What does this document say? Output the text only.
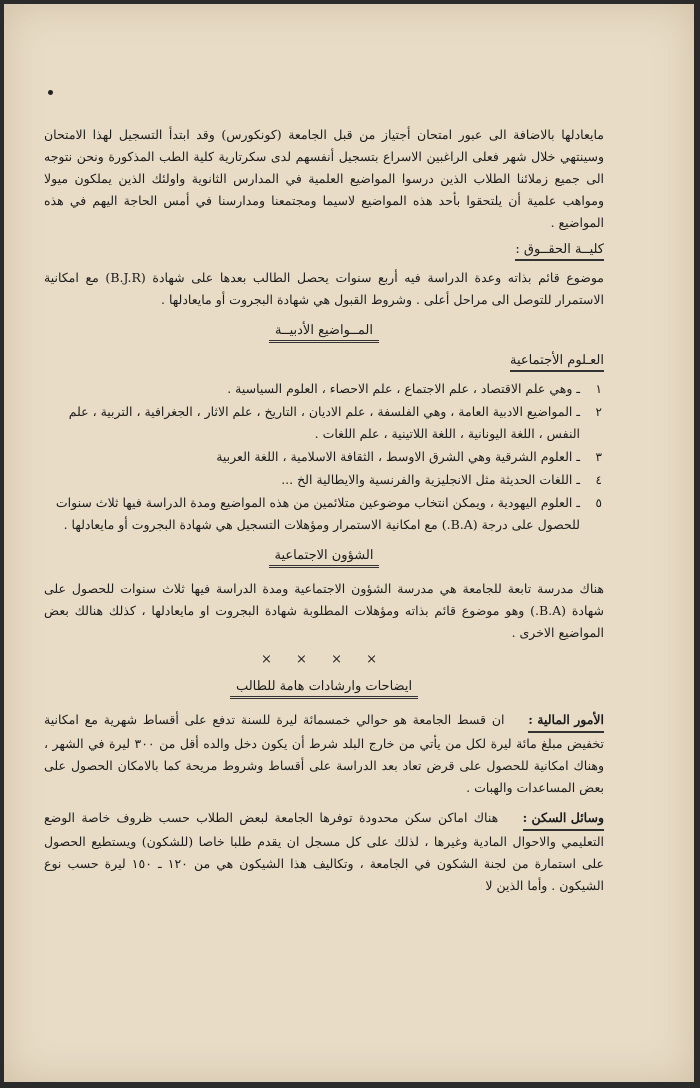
مايعادلها بالاضافة الى عبور امتحان أجتياز من قبل الجامعة (كونكورس) وقد ابتدأ التسجيل لهذا الامتحان وسينتهي خلال شهر فعلى الراغبين الاسراع بتسجيل أنفسهم لدى سكرتارية كلية الطب المذكورة ونحن نتوجه الى جميع زملائنا الطلاب الذين درسوا المواضيع العلمية في المدارس الثانوية واولئك الذين يملكون ميولا ومواهب علمية أن يلتحقوا بأحد هذه المواضيع لاسيما ومجتمعنا ومدارسنا في أمس الحاجة اليهم في هذه المواضيع .

كليــة الحقــوق :

موضوع قائم بذاته وعدة الدراسة فيه أربع سنوات يحصل الطالب بعدها على شهادة (B.J.R) مع امكانية الاستمرار للتوصل الى مراحل أعلى . وشروط القبول هي شهادة البجروت أو مايعادلها .

المــواضيع الأدبيــة
العـلوم الأجتماعية
١
ـ وهي علم الاقتصاد ، علم الاجتماع ، علم الاحصاء ، العلوم السياسية .
٢
ـ المواضيع الادبية العامة ، وهي الفلسفة ، علم الاديان ، التاريخ ، علم الاثار ، الجغرافية ، التربية ، علم النفس ، اللغة اليونانية ، اللغة اللاتينية ، علم اللغات .
٣
ـ العلوم الشرقية وهي الشرق الاوسط ، الثقافة الاسلامية ، اللغة العربية
٤
ـ اللغات الحديثة مثل الانجليزية والفرنسية والايطالية الخ ...
٥
ـ العلوم اليهودية ، ويمكن انتخاب موضوعين متلائمين من هذه المواضيع ومدة الدراسة فيها ثلاث سنوات للحصول على درجة (B.A.) مع امكانية الاستمرار ومؤهلات التسجيل هي شهادة البجروت أو مايعادلها .
الشؤون الاجتماعية

هناك مدرسة تابعة للجامعة هي مدرسة الشؤون الاجتماعية ومدة الدراسة فيها ثلاث سنوات للحصول على شهادة (B.A.) وهو موضوع قائم بذاته ومؤهلات المطلوبة شهادة البجروت او مايعادلها ، كذلك هنالك بعض المواضيع الاخرى .

× × × ×
ايضاحات وارشادات هامة للطالب

الأمور المالية : ان قسط الجامعة هو حوالي خمسمائة ليرة للسنة تدفع على أقساط شهرية مع امكانية تخفيض مبلغ مائة ليرة لكل من يأتي من خارج البلد شرط أن يكون دخل والده أقل من ٣٠٠ ليرة في الشهر ، وهناك امكانية للحصول على قرض تعاد بعد الدراسة على أقساط وشروط مريحة كما بالامكان الحصول على بعض المساعدات والهبات .

وسائل السكن : هناك اماكن سكن محدودة توفرها الجامعة لبعض الطلاب حسب ظروف خاصة الوضع التعليمي والاحوال المادية وغيرها ، لذلك على كل مسجل ان يقدم طلبا خاصا (للشكون) ويستطيع الحصول على استمارة من لجنة الشكون في الجامعة ، وتكاليف هذا الشيكون هي من ١٢٠ ـ ١٥٠ ليرة حسب نوع الشيكون . وأما الذين لا
